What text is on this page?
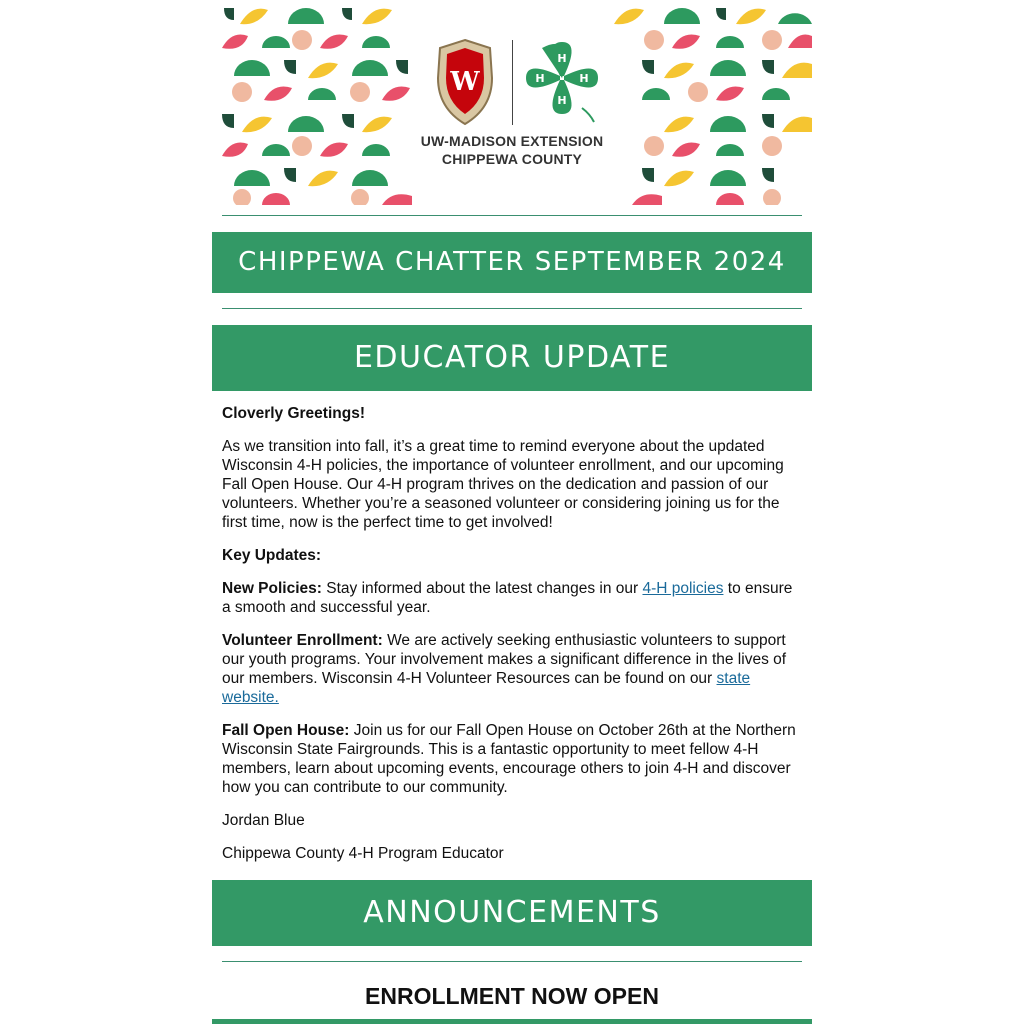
W
H
H
H
H
UW-MADISON EXTENSION
CHIPPEWA COUNTY
CHIPPEWA CHATTER SEPTEMBER 2024
EDUCATOR UPDATE

Cloverly Greetings!

As we transition into fall, it’s a great time to remind everyone about the updated Wisconsin 4-H policies, the importance of volunteer enrollment, and our upcoming Fall Open House. Our 4-H program thrives on the dedication and passion of our volunteers. Whether you’re a seasoned volunteer or considering joining us for the first time, now is the perfect time to get involved!

Key Updates:

New Policies: Stay informed about the latest changes in our 4-H policies to ensure a smooth and successful year.

Volunteer Enrollment: We are actively seeking enthusiastic volunteers to support our youth programs. Your involvement makes a significant difference in the lives of our members. Wisconsin 4-H Volunteer Resources can be found on our state website.

Fall Open House: Join us for our Fall Open House on October 26th at the Northern Wisconsin State Fairgrounds. This is a fantastic opportunity to meet fellow 4-H members, learn about upcoming events, encourage others to join 4-H and discover how you can contribute to our community.

Jordan Blue

Chippewa County 4-H Program Educator

ANNOUNCEMENTS
ENROLLMENT NOW OPEN
